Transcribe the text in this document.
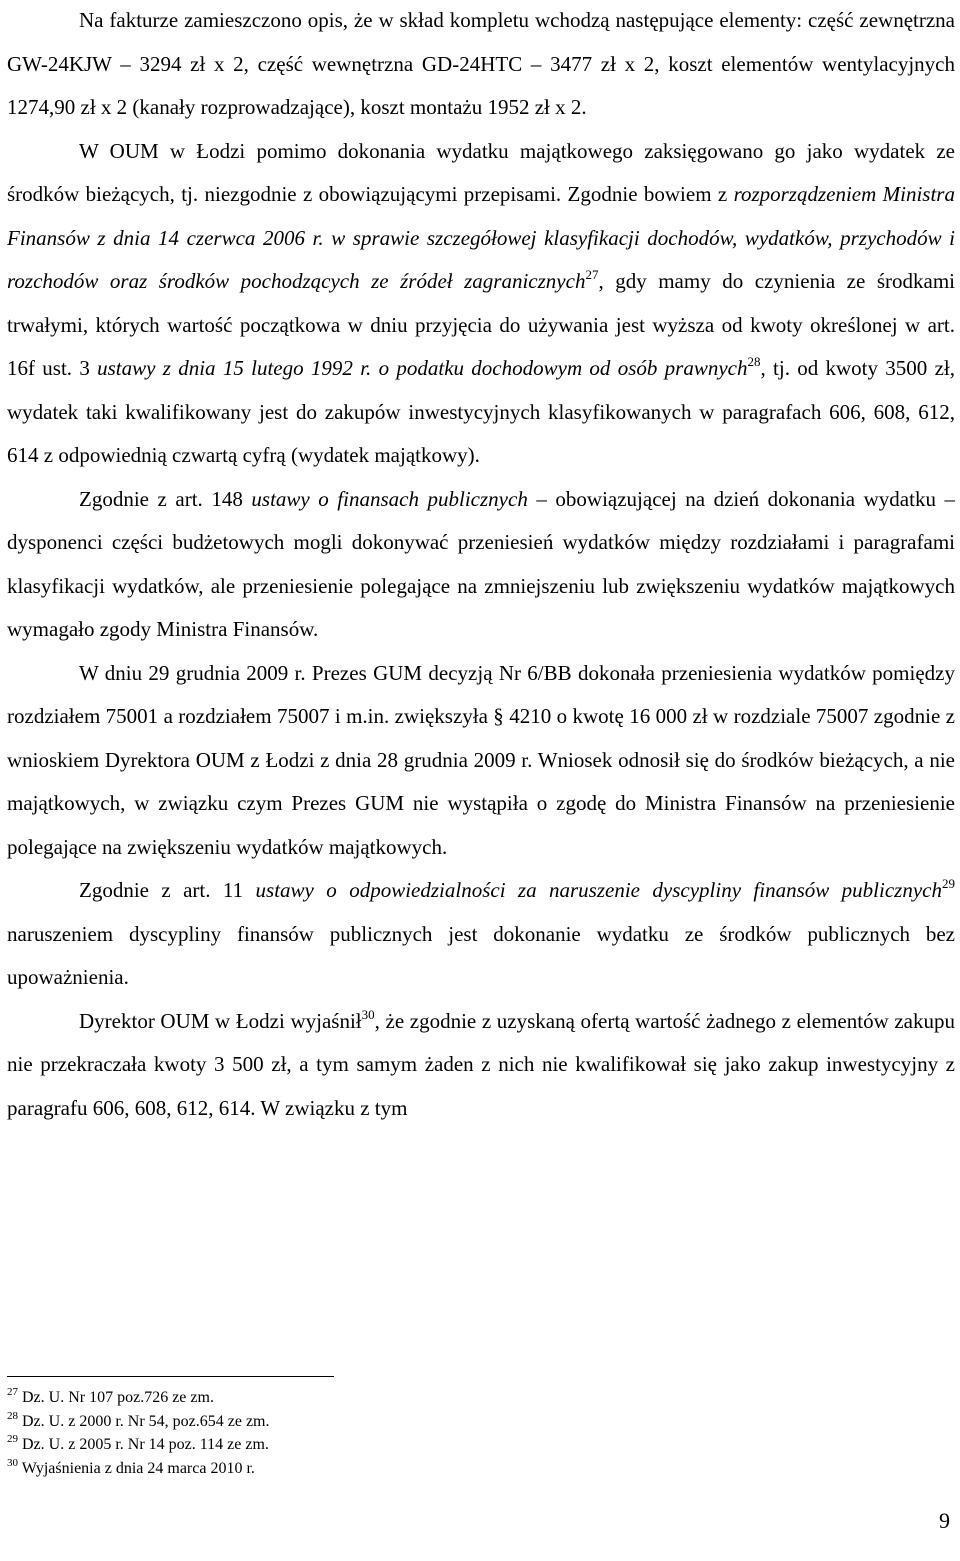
Na fakturze zamieszczono opis, że w skład kompletu wchodzą następujące elementy: część zewnętrzna GW-24KJW – 3294 zł x 2, część wewnętrzna GD-24HTC – 3477 zł x 2, koszt elementów wentylacyjnych 1274,90 zł x 2 (kanały rozprowadzające), koszt montażu 1952 zł x 2.

W OUM w Łodzi pomimo dokonania wydatku majątkowego zaksięgowano go jako wydatek ze środków bieżących, tj. niezgodnie z obowiązującymi przepisami. Zgodnie bowiem z rozporządzeniem Ministra Finansów z dnia 14 czerwca 2006 r. w sprawie szczegółowej klasyfikacji dochodów, wydatków, przychodów i rozchodów oraz środków pochodzących ze źródeł zagranicznych$^{27}$, gdy mamy do czynienia ze środkami trwałymi, których wartość początkowa w dniu przyjęcia do używania jest wyższa od kwoty określonej w art. 16f ust. 3 ustawy z dnia 15 lutego 1992 r. o podatku dochodowym od osób prawnych$^{28}$, tj. od kwoty 3500 zł, wydatek taki kwalifikowany jest do zakupów inwestycyjnych klasyfikowanych w paragrafach 606, 608, 612, 614 z odpowiednią czwartą cyfrą (wydatek majątkowy).

Zgodnie z art. 148 ustawy o finansach publicznych – obowiązującej na dzień dokonania wydatku – dysponenci części budżetowych mogli dokonywać przeniesień wydatków między rozdziałami i paragrafami klasyfikacji wydatków, ale przeniesienie polegające na zmniejszeniu lub zwiększeniu wydatków majątkowych wymagało zgody Ministra Finansów.

W dniu 29 grudnia 2009 r. Prezes GUM decyzją Nr 6/BB dokonała przeniesienia wydatków pomiędzy rozdziałem 75001 a rozdziałem 75007 i m.in. zwiększyła § 4210 o kwotę 16 000 zł w rozdziale 75007 zgodnie z wnioskiem Dyrektora OUM z Łodzi z dnia 28 grudnia 2009 r. Wniosek odnosił się do środków bieżących, a nie majątkowych, w związku czym Prezes GUM nie wystąpiła o zgodę do Ministra Finansów na przeniesienie polegające na zwiększeniu wydatków majątkowych.

Zgodnie z art. 11 ustawy o odpowiedzialności za naruszenie dyscypliny finansów publicznych$^{29}$ naruszeniem dyscypliny finansów publicznych jest dokonanie wydatku ze środków publicznych bez upoważnienia.

Dyrektor OUM w Łodzi wyjaśnił$^{30}$, że zgodnie z uzyskaną ofertą wartość żadnego z elementów zakupu nie przekraczała kwoty 3 500 zł, a tym samym żaden z nich nie kwalifikował się jako zakup inwestycyjny z paragrafu 606, 608, 612, 614. W związku z tym

$^{27}$ Dz. U. Nr 107 poz.726 ze zm.
$^{28}$ Dz. U. z 2000 r. Nr 54, poz.654 ze zm.
$^{29}$ Dz. U. z 2005 r. Nr 14 poz. 114 ze zm.
$^{30}$ Wyjaśnienia z dnia 24 marca 2010 r.
9
